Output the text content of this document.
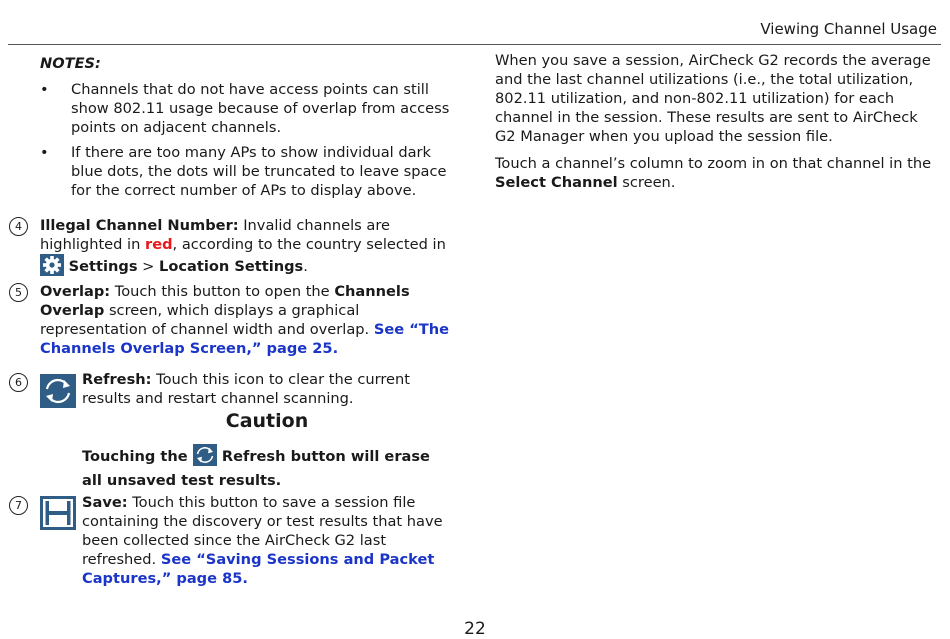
Viewing Channel Usage
NOTES:
• Channels that do not have access points can still show 802.11 usage because of overlap from access points on adjacent channels.
• If there are too many APs to show individual dark blue dots, the dots will be truncated to leave space for the correct number of APs to display above.
4	Illegal Channel Number: Invalid channels are highlighted in red, according to the country selected in  Settings > Location Settings.
5	Overlap: Touch this button to open the Channels Overlap screen, which displays a graphical representation of channel width and overlap. See “The Channels Overlap Screen,” page 25.
6	Refresh: Touch this icon to clear the current results and restart channel scanning.
Caution
Touching the  Refresh button will erase all unsaved test results.
7	Save: Touch this button to save a session file containing the discovery or test results that have been collected since the AirCheck G2 last refreshed. See “Saving Sessions and Packet Captures,” page 85.
When you save a session, AirCheck G2 records the average and the last channel utilizations (i.e., the total utilization, 802.11 utilization, and non-802.11 utilization) for each channel in the session. These results are sent to AirCheck G2 Manager when you upload the session file.
Touch a channel’s column to zoom in on that channel in the Select Channel screen.
22
